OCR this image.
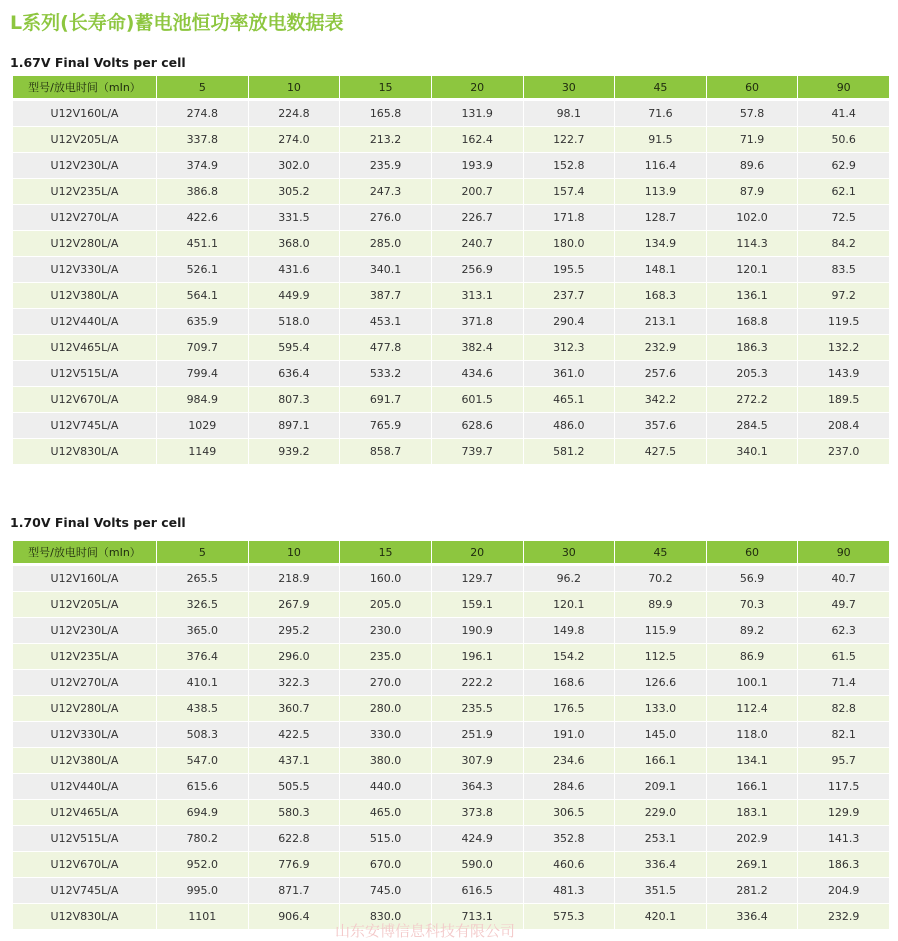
L系列(长寿命)蓄电池恒功率放电数据表
1.67V Final Volts per cell
型号/放电时间（mIn）	5	10	15	20	30	45	60	90
U12V160L/A	274.8	224.8	165.8	131.9	98.1	71.6	57.8	41.4
U12V205L/A	337.8	274.0	213.2	162.4	122.7	91.5	71.9	50.6
U12V230L/A	374.9	302.0	235.9	193.9	152.8	116.4	89.6	62.9
U12V235L/A	386.8	305.2	247.3	200.7	157.4	113.9	87.9	62.1
U12V270L/A	422.6	331.5	276.0	226.7	171.8	128.7	102.0	72.5
U12V280L/A	451.1	368.0	285.0	240.7	180.0	134.9	114.3	84.2
U12V330L/A	526.1	431.6	340.1	256.9	195.5	148.1	120.1	83.5
U12V380L/A	564.1	449.9	387.7	313.1	237.7	168.3	136.1	97.2
U12V440L/A	635.9	518.0	453.1	371.8	290.4	213.1	168.8	119.5
U12V465L/A	709.7	595.4	477.8	382.4	312.3	232.9	186.3	132.2
U12V515L/A	799.4	636.4	533.2	434.6	361.0	257.6	205.3	143.9
U12V670L/A	984.9	807.3	691.7	601.5	465.1	342.2	272.2	189.5
U12V745L/A	1029	897.1	765.9	628.6	486.0	357.6	284.5	208.4
U12V830L/A	1149	939.2	858.7	739.7	581.2	427.5	340.1	237.0
1.70V Final Volts per cell
型号/放电时间（mIn）	5	10	15	20	30	45	60	90
U12V160L/A	265.5	218.9	160.0	129.7	96.2	70.2	56.9	40.7
U12V205L/A	326.5	267.9	205.0	159.1	120.1	89.9	70.3	49.7
U12V230L/A	365.0	295.2	230.0	190.9	149.8	115.9	89.2	62.3
U12V235L/A	376.4	296.0	235.0	196.1	154.2	112.5	86.9	61.5
U12V270L/A	410.1	322.3	270.0	222.2	168.6	126.6	100.1	71.4
U12V280L/A	438.5	360.7	280.0	235.5	176.5	133.0	112.4	82.8
U12V330L/A	508.3	422.5	330.0	251.9	191.0	145.0	118.0	82.1
U12V380L/A	547.0	437.1	380.0	307.9	234.6	166.1	134.1	95.7
U12V440L/A	615.6	505.5	440.0	364.3	284.6	209.1	166.1	117.5
U12V465L/A	694.9	580.3	465.0	373.8	306.5	229.0	183.1	129.9
U12V515L/A	780.2	622.8	515.0	424.9	352.8	253.1	202.9	141.3
U12V670L/A	952.0	776.9	670.0	590.0	460.6	336.4	269.1	186.3
U12V745L/A	995.0	871.7	745.0	616.5	481.3	351.5	281.2	204.9
U12V830L/A	1101	906.4	830.0	713.1	575.3	420.1	336.4	232.9
山东安博信息科技有限公司
